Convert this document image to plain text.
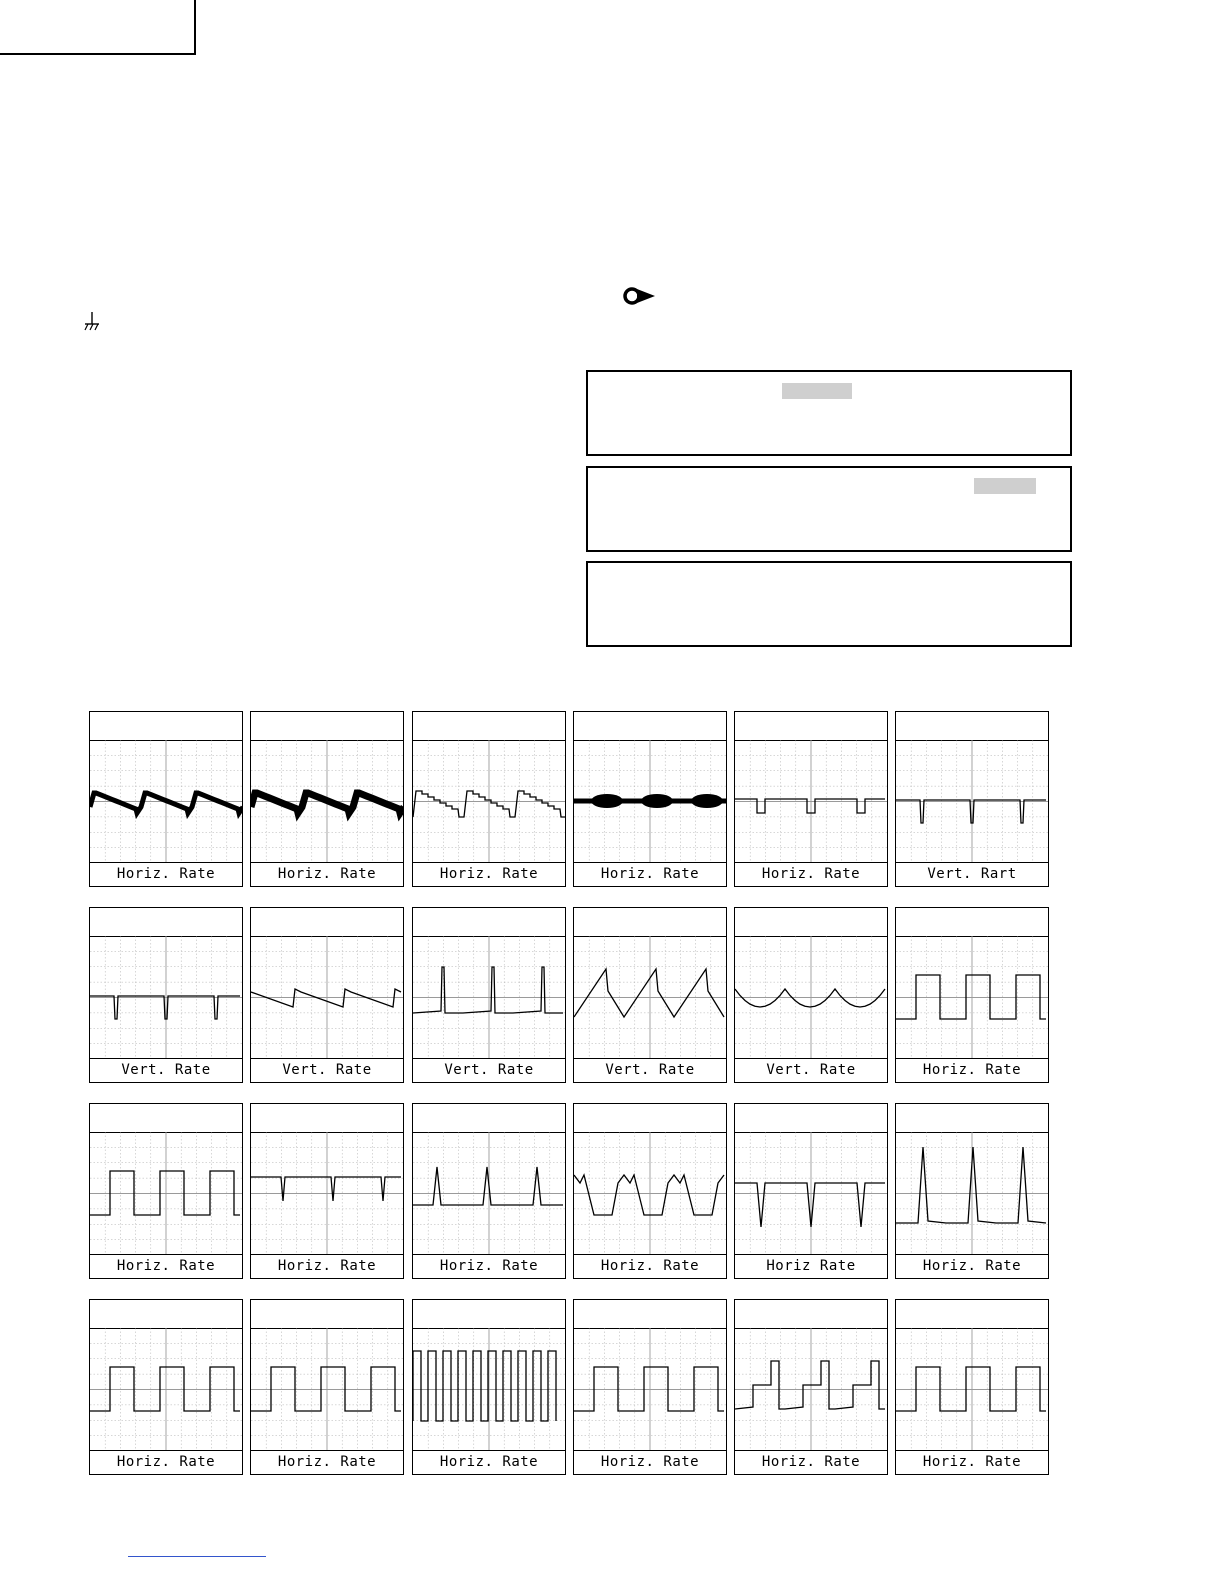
Horiz. Rate	Horiz. Rate	Horiz. Rate	Horiz. Rate	Horiz. Rate	Vert. Rart
Vert. Rate	Vert. Rate	Vert. Rate	Vert. Rate	Vert. Rate	Horiz. Rate
Horiz. Rate	Horiz. Rate	Horiz. Rate	Horiz. Rate	Horiz Rate	Horiz. Rate
Horiz. Rate	Horiz. Rate	Horiz. Rate	Horiz. Rate	Horiz. Rate	Horiz. Rate
